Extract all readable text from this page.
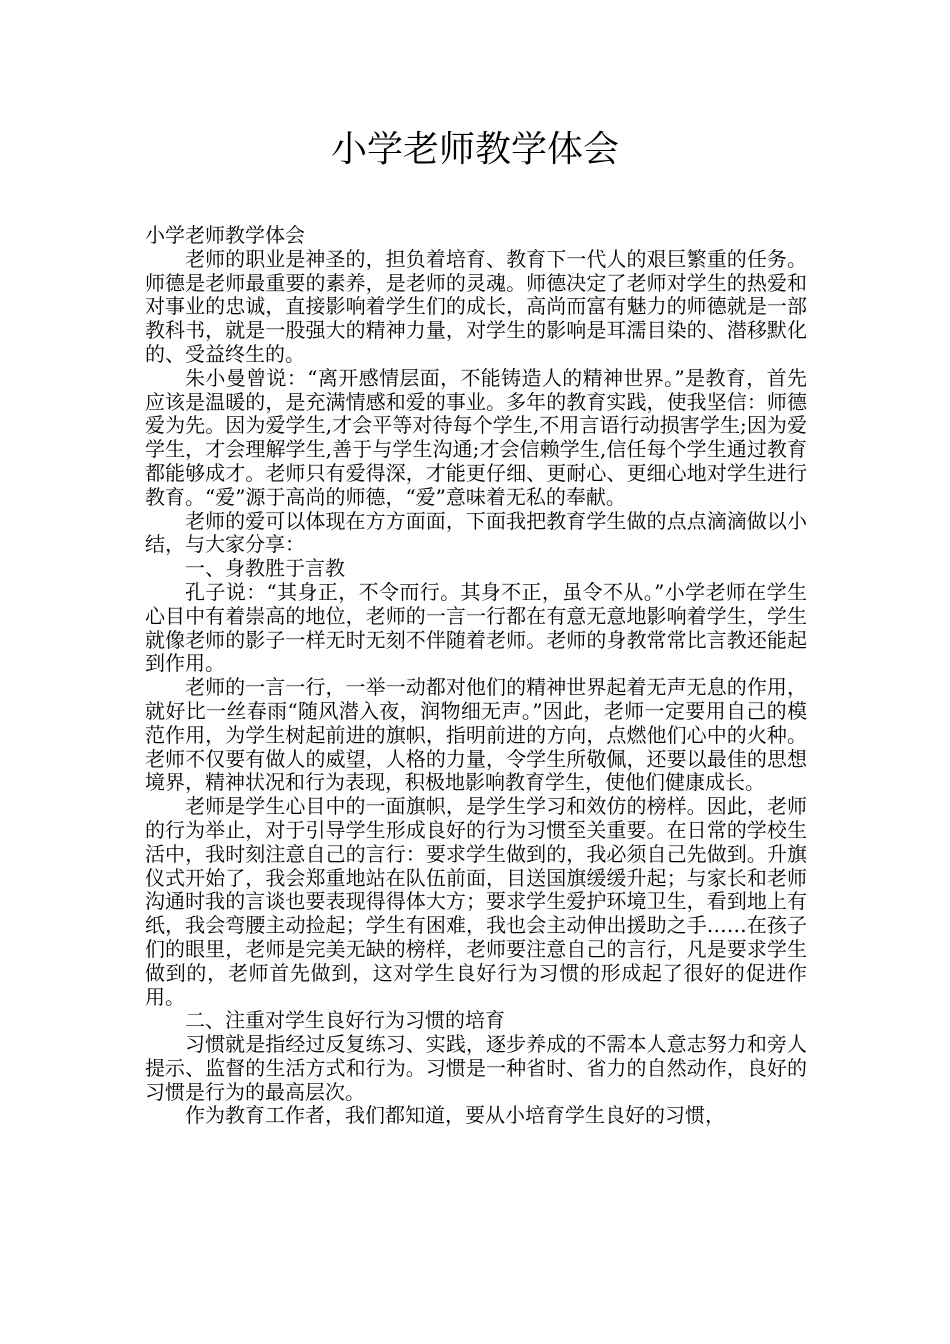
小学老师教学体会

小学老师教学体会

老师的职业是神圣的，担负着培育、教育下一代人的艰巨繁重的任务。师德是老师最重要的素养，是老师的灵魂。师德决定了老师对学生的热爱和对事业的忠诚，直接影响着学生们的成长，高尚而富有魅力的师德就是一部教科书，就是一股强大的精神力量，对学生的影响是耳濡目染的、潜移默化的、受益终生的。

朱小曼曾说：“离开感情层面，不能铸造人的精神世界。”是教育，首先应该是温暖的，是充满情感和爱的事业。多年的教育实践，使我坚信：师德爱为先。因为爱学生,才会平等对待每个学生,不用言语行动损害学生;因为爱学生，才会理解学生,善于与学生沟通;才会信赖学生,信任每个学生通过教育都能够成才。老师只有爱得深，才能更仔细、更耐心、更细心地对学生进行教育。“爱”源于高尚的师德，“爱”意味着无私的奉献。

老师的爱可以体现在方方面面，下面我把教育学生做的点点滴滴做以小结，与大家分享：

一、身教胜于言教

孔子说：“其身正，不令而行。其身不正，虽令不从。”小学老师在学生心目中有着崇高的地位，老师的一言一行都在有意无意地影响着学生，学生就像老师的影子一样无时无刻不伴随着老师。老师的身教常常比言教还能起到作用。

老师的一言一行，一举一动都对他们的精神世界起着无声无息的作用，就好比一丝春雨“随风潜入夜，润物细无声。”因此，老师一定要用自己的模范作用，为学生树起前进的旗帜，指明前进的方向，点燃他们心中的火种。老师不仅要有做人的威望，人格的力量，令学生所敬佩，还要以最佳的思想境界，精神状况和行为表现，积极地影响教育学生，使他们健康成长。

老师是学生心目中的一面旗帜，是学生学习和效仿的榜样。因此，老师的行为举止，对于引导学生形成良好的行为习惯至关重要。在日常的学校生活中，我时刻注意自己的言行：要求学生做到的，我必须自己先做到。升旗仪式开始了，我会郑重地站在队伍前面，目送国旗缓缓升起；与家长和老师沟通时我的言谈也要表现得得体大方；要求学生爱护环境卫生，看到地上有纸，我会弯腰主动捡起；学生有困难，我也会主动伸出援助之手……在孩子们的眼里，老师是完美无缺的榜样，老师要注意自己的言行，凡是要求学生做到的，老师首先做到，这对学生良好行为习惯的形成起了很好的促进作用。

二、注重对学生良好行为习惯的培育

习惯就是指经过反复练习、实践，逐步养成的不需本人意志努力和旁人提示、监督的生活方式和行为。习惯是一种省时、省力的自然动作，良好的习惯是行为的最高层次。

作为教育工作者，我们都知道，要从小培育学生良好的习惯，
